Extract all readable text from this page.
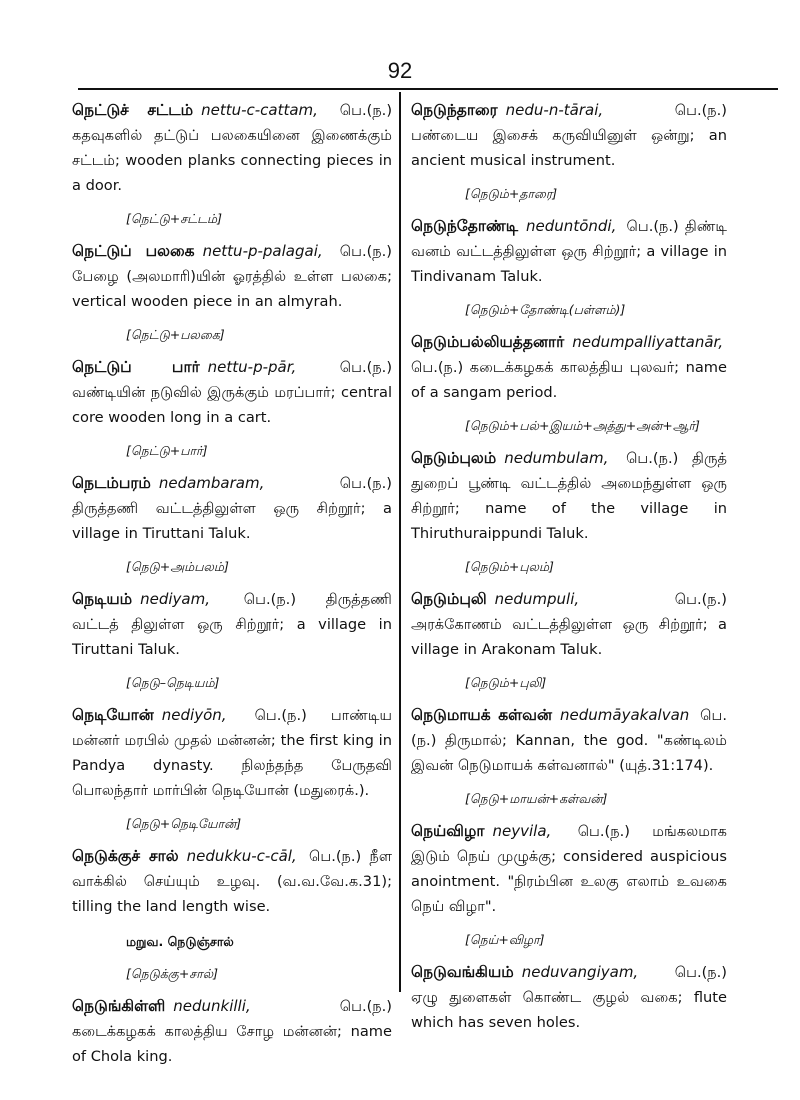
92
நெட்டுச் சட்டம் nettu-c-cattam, பெ.(ந.) கதவுகளில் தட்டுப் பலகையினை இணைக்கும் சட்டம்; wooden planks connecting pieces in a door.
[நெட்டு+சட்டம்]
நெட்டுப் பலகை nettu-p-palagai, பெ.(ந.) பேழை (அலமாரி)யின் ஓரத்தில் உள்ள பலகை; vertical wooden piece in an almyrah.
[நெட்டு+பலகை]
நெட்டுப் பார் nettu-p-pār,	பெ.(ந.) வண்டியின் நடுவில் இருக்கும் மரப்பார்; central core wooden long in a cart.
[நெட்டு+பார்]
நெடம்பரம் nedambaram,	பெ.(ந.) திருத்தணி வட்டத்திலுள்ள ஒரு சிற்றூர்; a village in Tiruttani Taluk.
[நெடு+அம்பலம்]
நெடியம் nediyam, பெ.(ந.) திருத்தணி வட்டத் திலுள்ள ஒரு சிற்றூர்; a village in Tiruttani Taluk.
[நெடு–நெடியம்]
நெடியோன் nediyōn, பெ.(ந.) பாண்டிய மன்னர் மரபில் முதல் மன்னன்; the first king in Pandya dynasty. நிலந்தந்த பேருதவி பொலந்தார் மார்பின் நெடியோன் (மதுரைக்.).
[நெடு+நெடியோன்]
நெடுக்குச் சால் nedukku-c-cāl, பெ.(ந.) நீள வாக்கில் செய்யும் உழவு. (வ.வ.வே.க.31); tilling the land length wise.
மறுவ. நெடுஞ்சால்
[நெடுக்கு+சால்]
நெடுங்கிள்ளி nedunkilli,	பெ.(ந.) கடைக்கழகக் காலத்திய சோழ மன்னன்; name of Chola king.
நெடுந்தாரை nedu-n-tārai,	பெ.(ந.) பண்டைய இசைக் கருவியினுள் ஒன்று; an ancient musical instrument.
[நெடும்+தாரை]
நெடுந்தோண்டி neduntōndi, பெ.(ந.) திண்டி வனம் வட்டத்திலுள்ள ஒரு சிற்றூர்; a village in Tindivanam Taluk.
[நெடும்+தோண்டி(பள்ளம்)]
நெடும்பல்லியத்தனார் nedumpalliyattanār, பெ.(ந.) கடைக்கழகக் காலத்திய புலவர்; name of a sangam period.
[நெடும்+பல்+இயம்+அத்து+அன்+ஆர்]
நெடும்புலம் nedumbulam, பெ.(ந.) திருத் துறைப் பூண்டி வட்டத்தில் அமைந்துள்ள ஒரு சிற்றூர்; name of the village in Thiruthuraippundi Taluk.
[நெடும்+புலம்]
நெடும்புலி nedumpuli,	பெ.(ந.) அரக்கோணம் வட்டத்திலுள்ள ஒரு சிற்றூர்; a village in Arakonam Taluk.
[நெடும்+புலி]
நெடுமாயக் கள்வன் nedumāyakalvan பெ.(ந.) திருமால்; Kannan, the god. "கண்டிலம் இவன் நெடுமாயக் கள்வனால்" (யுத்.31:174).
[நெடு+மாயன்+கள்வன்]
நெய்விழா neyvila, பெ.(ந.) மங்கலமாக இடும் நெய் முழுக்கு; considered auspicious anointment. "நிரம்பின உலகு எலாம் உவகை நெய் விழா".
[நெய்+விழா]
நெடுவங்கியம் neduvangiyam,	பெ.(ந.) ஏழு துளைகள் கொண்ட குழல் வகை; flute which has seven holes.
